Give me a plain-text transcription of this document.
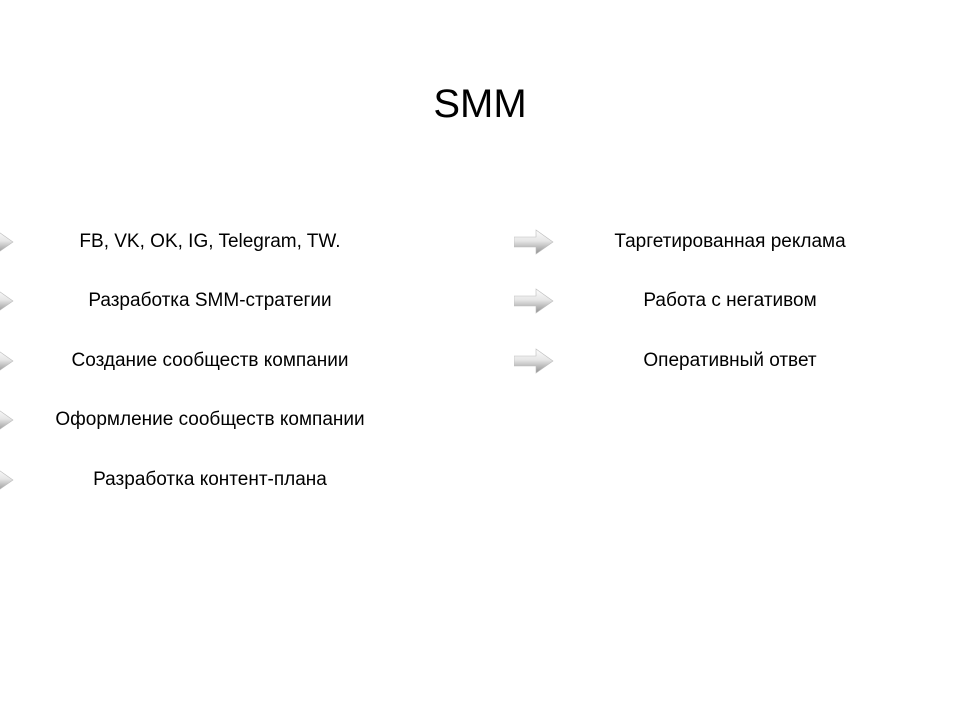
SMM
FB, VK, OK, IG, Telegram, TW.
Разработка SMM-стратегии
Создание сообществ компании
Оформление сообществ компании
Разработка контент-плана
Таргетированная реклама
Работа с негативом
Оперативный ответ
